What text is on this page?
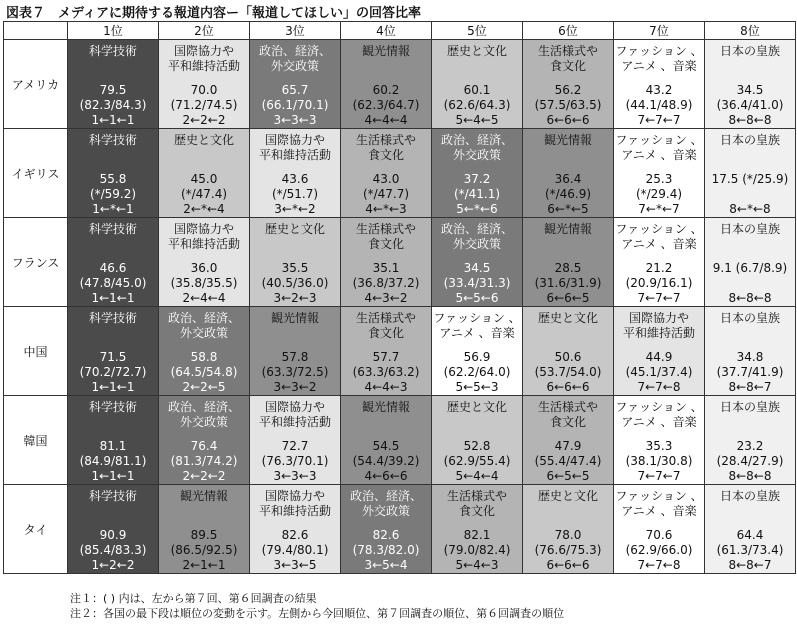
図表７　メディアに期待する報道内容ー「報道してほしい」の回答比率
	1位	2位	3位	4位	5位	6位	7位	8位
アメリカ	科学技術
79.5
(82.3/84.3)
1←1←1	国際協力や
平和維持活動
70.0
(71.2/74.5)
2←2←2	政治、経済、
外交政策
65.7
(66.1/70.1)
3←3←3	観光情報
60.2
(62.3/64.7)
4←4←4	歴史と文化
60.1
(62.6/64.3)
5←4←5	生活様式や
食文化
56.2
(57.5/63.5)
6←6←6	ファッション 、
アニメ 、音楽
43.2
(44.1/48.9)
7←7←7	日本の皇族
34.5
(36.4/41.0)
8←8←8

イギリス	科学技術
55.8
(*/59.2)
1←*←1	歴史と文化
45.0
(*/47.4)
2←*←4	国際協力や
平和維持活動
43.6
(*/51.7)
3←*←2	生活様式や
食文化
43.0
(*/47.7)
4←*←3	政治、経済、
外交政策
37.2
(*/41.1)
5←*←6	観光情報
36.4
(*/46.9)
6←*←5	ファッション 、
アニメ 、音楽
25.3
(*/29.4)
7←*←7	日本の皇族
17.5 (*/25.9)
8←*←8

フランス	科学技術
46.6
(47.8/45.0)
1←1←1	国際協力や
平和維持活動
36.0
(35.8/35.5)
2←4←4	歴史と文化
35.5
(40.5/36.0)
3←2←3	生活様式や
食文化
35.1
(36.8/37.2)
4←3←2	政治、経済、
外交政策
34.5
(33.4/31.3)
5←5←6	観光情報
28.5
(31.6/31.9)
6←6←5	ファッション 、
アニメ 、音楽
21.2
(20.9/16.1)
7←7←7	日本の皇族
9.1 (6.7/8.9)
8←8←8

中国	科学技術
71.5
(70.2/72.7)
1←1←1	政治、経済、
外交政策
58.8
(64.5/54.8)
2←2←5	観光情報
57.8
(63.3/72.5)
3←3←2	生活様式や
食文化
57.7
(63.3/63.2)
4←4←3	ファッション 、
アニメ 、音楽
56.9
(62.2/64.0)
5←5←3	歴史と文化
50.6
(53.7/54.0)
6←6←6	国際協力や
平和維持活動
44.9
(45.1/37.4)
7←7←8	日本の皇族
34.8
(37.7/41.9)
8←8←7

韓国	科学技術
81.1
(84.9/81.1)
1←1←1	政治、経済、
外交政策
76.4
(81.3/74.2)
2←2←2	国際協力や
平和維持活動
72.7
(76.3/70.1)
3←3←3	観光情報
54.5
(54.4/39.2)
4←6←6	歴史と文化
52.8
(62.9/55.4)
5←4←4	生活様式や
食文化
47.9
(55.4/47.4)
6←5←5	ファッション 、
アニメ 、音楽
35.3
(38.1/30.8)
7←7←7	日本の皇族
23.2
(28.4/27.9)
8←8←8

タイ	科学技術
90.9
(85.4/83.3)
1←2←2	観光情報
89.5
(86.5/92.5)
2←1←1	国際協力や
平和維持活動
82.6
(79.4/80.1)
3←3←5	政治、経済、
外交政策
82.6
(78.3/82.0)
3←5←4	生活様式や
食文化
82.1
(79.0/82.4)
5←4←3	歴史と文化
78.0
(76.6/75.3)
6←6←6	ファッション 、
アニメ 、音楽
70.6
(62.9/66.0)
7←7←8	日本の皇族
64.4
(61.3/73.4)
8←8←7
注１：( ) 内は、左から第７回、第６回調査の結果
注２：各国の最下段は順位の変動を示す。左側から今回順位、第７回調査の順位、第６回調査の順位
